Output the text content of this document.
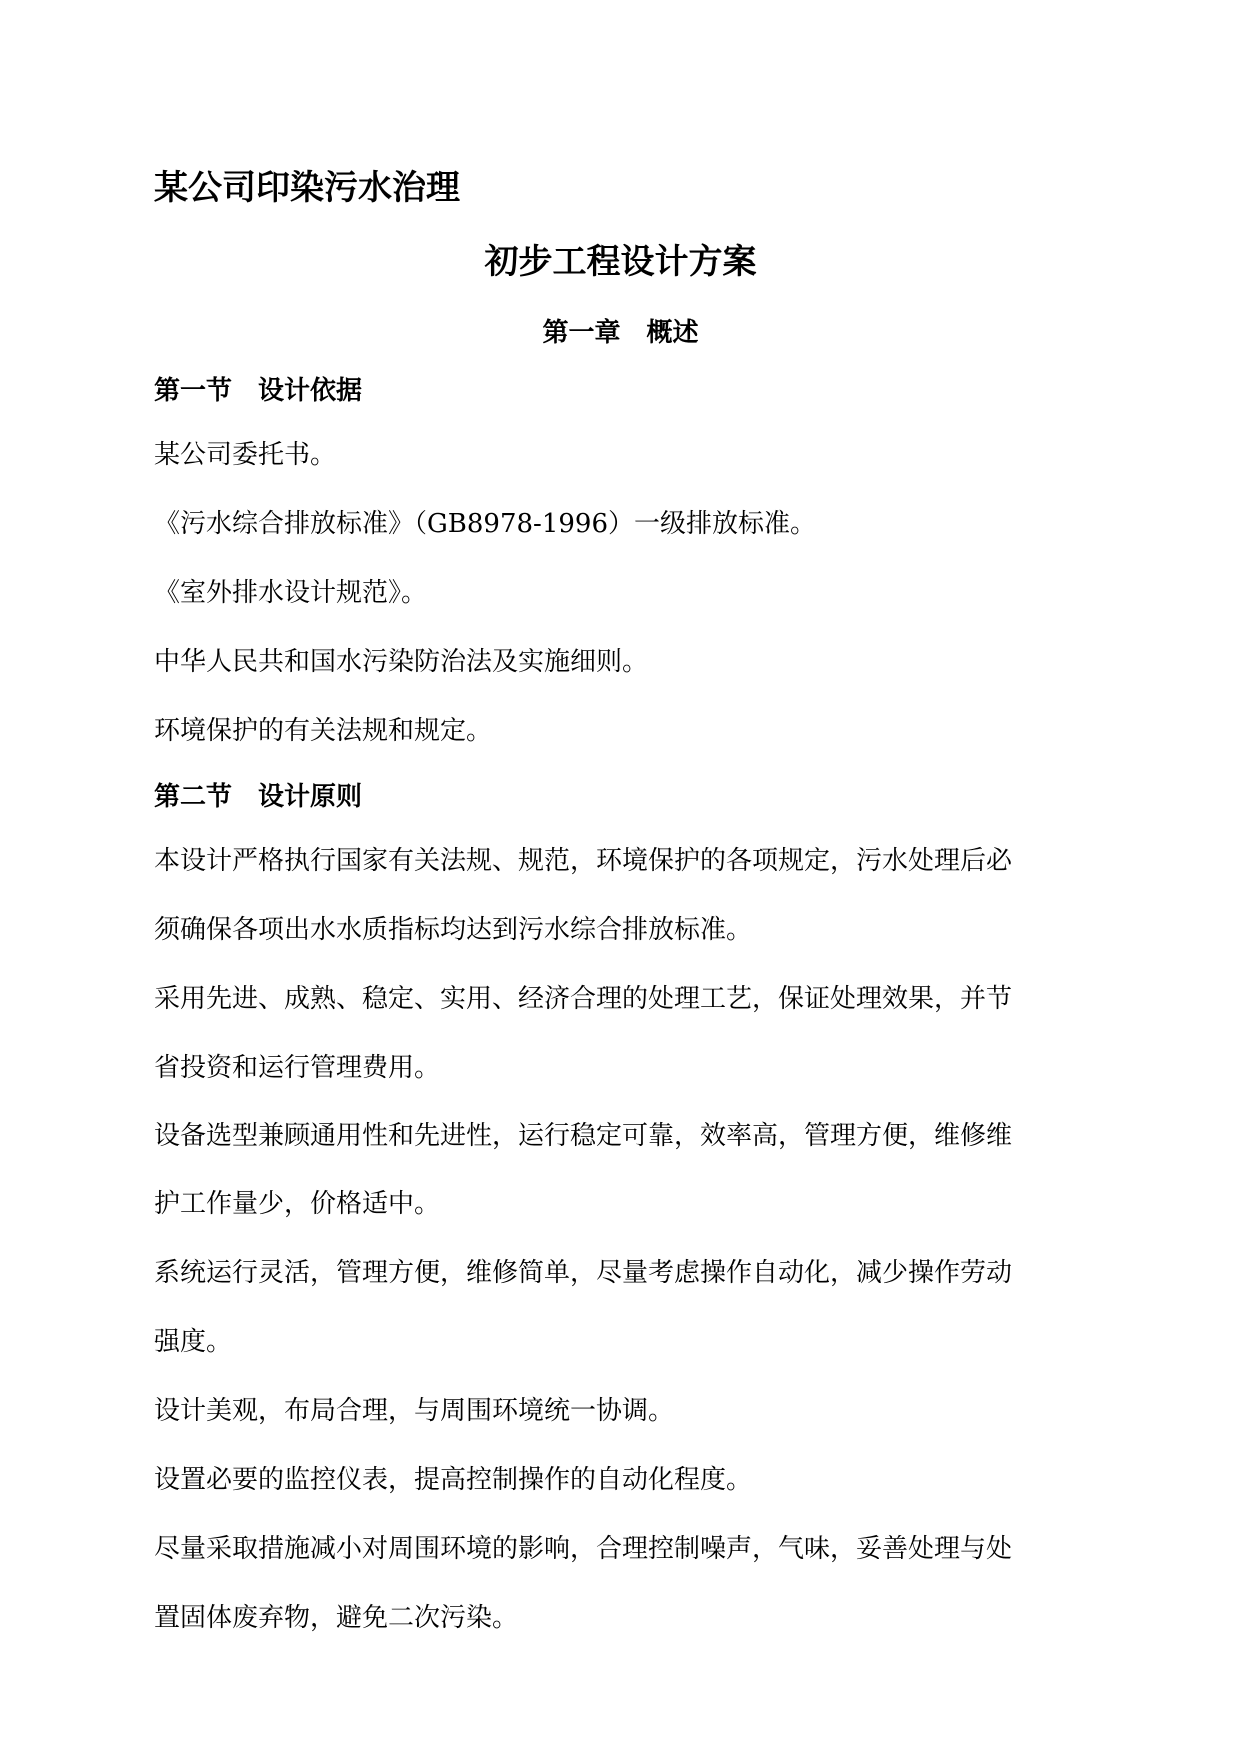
某公司印染污水治理
初步工程设计方案
第一章　概述
第一节　设计依据
某公司委托书。
《污水综合排放标准》（GB8978-1996）一级排放标准。
《室外排水设计规范》。
中华人民共和国水污染防治法及实施细则。
环境保护的有关法规和规定。
第二节　设计原则
本设计严格执行国家有关法规、规范，环境保护的各项规定，污水处理后必
须确保各项出水水质指标均达到污水综合排放标准。
采用先进、成熟、稳定、实用、经济合理的处理工艺，保证处理效果，并节
省投资和运行管理费用。
设备选型兼顾通用性和先进性，运行稳定可靠，效率高，管理方便，维修维
护工作量少，价格适中。
系统运行灵活，管理方便，维修简单，尽量考虑操作自动化，减少操作劳动
强度。
设计美观，布局合理，与周围环境统一协调。
设置必要的监控仪表，提高控制操作的自动化程度。
尽量采取措施减小对周围环境的影响，合理控制噪声，气味，妥善处理与处
置固体废弃物，避免二次污染。
